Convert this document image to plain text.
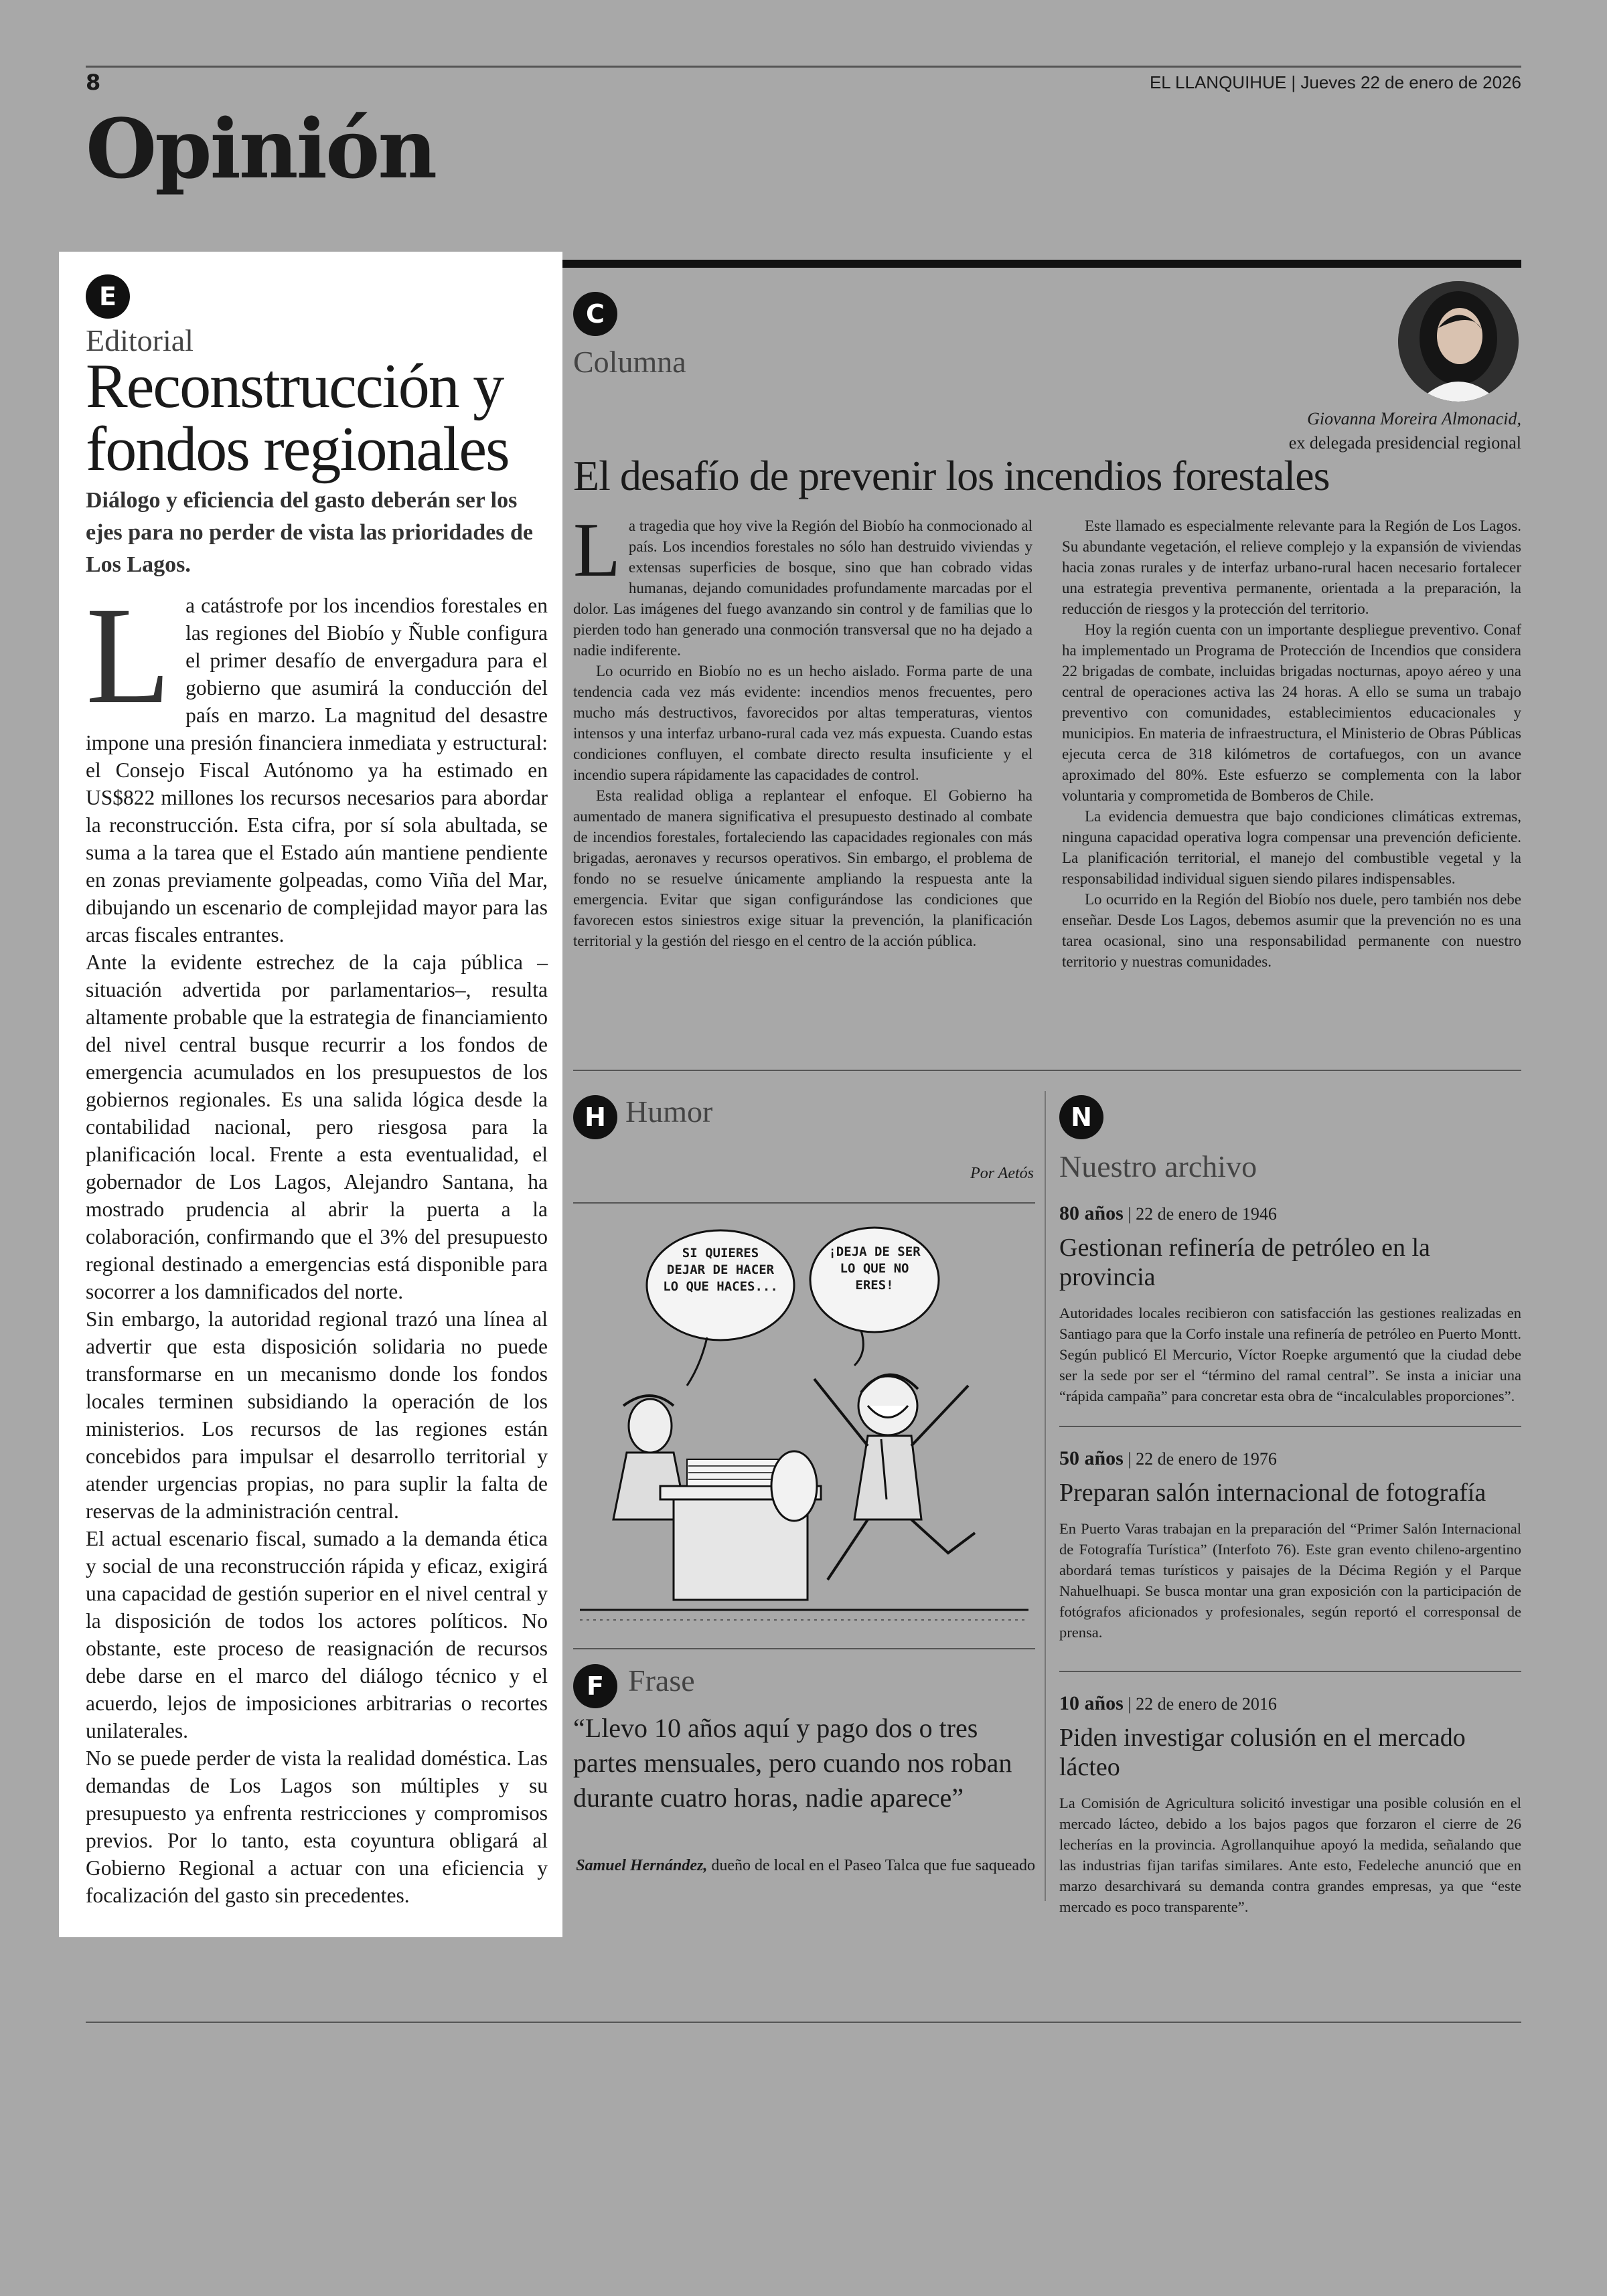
8	EL LLANQUIHUE | Jueves 22 de enero de 2026
Opinión
E
Editorial
Reconstrucción y fondos regionales
Diálogo y eficiencia del gasto deberán ser los ejes para no perder de vista las prioridades de Los Lagos.

La catástrofe por los incendios forestales en las regiones del Biobío y Ñuble configura el primer desafío de envergadura para el gobierno que asumirá la conducción del país en marzo. La magnitud del desastre impone una presión financiera inmediata y estructural: el Consejo Fiscal Autónomo ya ha estimado en US$822 millones los recursos necesarios para abordar la reconstrucción. Esta cifra, por sí sola abultada, se suma a la tarea que el Estado aún mantiene pendiente en zonas previamente golpeadas, como Viña del Mar, dibujando un escenario de complejidad mayor para las arcas fiscales entrantes.

Ante la evidente estrechez de la caja pública –situación advertida por parlamentarios–, resulta altamente probable que la estrategia de financiamiento del nivel central busque recurrir a los fondos de emergencia acumulados en los presupuestos de los gobiernos regionales. Es una salida lógica desde la contabilidad nacional, pero riesgosa para la planificación local. Frente a esta eventualidad, el gobernador de Los Lagos, Alejandro Santana, ha mostrado prudencia al abrir la puerta a la colaboración, confirmando que el 3% del presupuesto regional destinado a emergencias está disponible para socorrer a los damnificados del norte.

Sin embargo, la autoridad regional trazó una línea al advertir que esta disposición solidaria no puede transformarse en un mecanismo donde los fondos locales terminen subsidiando la operación de los ministerios. Los recursos de las regiones están concebidos para impulsar el desarrollo territorial y atender urgencias propias, no para suplir la falta de reservas de la administración central.

El actual escenario fiscal, sumado a la demanda ética y social de una reconstrucción rápida y eficaz, exigirá una capacidad de gestión superior en el nivel central y la disposición de todos los actores políticos. No obstante, este proceso de reasignación de recursos debe darse en el marco del diálogo técnico y el acuerdo, lejos de imposiciones arbitrarias o recortes unilaterales.

No se puede perder de vista la realidad doméstica. Las demandas de Los Lagos son múltiples y su presupuesto ya enfrenta restricciones y compromisos previos. Por lo tanto, esta coyuntura obligará al Gobierno Regional a actuar con una eficiencia y focalización del gasto sin precedentes.

C
Columna
Giovanna Moreira Almonacid,
ex delegada presidencial regional
El desafío de prevenir los incendios forestales

La tragedia que hoy vive la Región del Biobío ha conmocionado al país. Los incendios forestales no sólo han destruido viviendas y extensas superficies de bosque, sino que han cobrado vidas humanas, dejando comunidades profundamente marcadas por el dolor. Las imágenes del fuego avanzando sin control y de familias que lo pierden todo han generado una conmoción transversal que no ha dejado a nadie indiferente.

Lo ocurrido en Biobío no es un hecho aislado. Forma parte de una tendencia cada vez más evidente: incendios menos frecuentes, pero mucho más destructivos, favorecidos por altas temperaturas, vientos intensos y una interfaz urbano-rural cada vez más expuesta. Cuando estas condiciones confluyen, el combate directo resulta insuficiente y el incendio supera rápidamente las capacidades de control.

Esta realidad obliga a replantear el enfoque. El Gobierno ha aumentado de manera significativa el presupuesto destinado al combate de incendios forestales, fortaleciendo las capacidades regionales con más brigadas, aeronaves y recursos operativos. Sin embargo, el problema de fondo no se resuelve únicamente ampliando la respuesta ante la emergencia. Evitar que sigan configurándose las condiciones que favorecen estos siniestros exige situar la prevención, la planificación territorial y la gestión del riesgo en el centro de la acción pública.

Este llamado es especialmente relevante para la Región de Los Lagos. Su abundante vegetación, el relieve complejo y la expansión de viviendas hacia zonas rurales y de interfaz urbano-rural hacen necesario fortalecer una estrategia preventiva permanente, orientada a la preparación, la reducción de riesgos y la protección del territorio.

Hoy la región cuenta con un importante despliegue preventivo. Conaf ha implementado un Programa de Protección de Incendios que considera 22 brigadas de combate, incluidas brigadas nocturnas, apoyo aéreo y una central de operaciones activa las 24 horas. A ello se suma un trabajo preventivo con comunidades, establecimientos educacionales y municipios. En materia de infraestructura, el Ministerio de Obras Públicas ejecuta cerca de 318 kilómetros de cortafuegos, con un avance aproximado del 80%. Este esfuerzo se complementa con la labor voluntaria y comprometida de Bomberos de Chile.

La evidencia demuestra que bajo condiciones climáticas extremas, ninguna capacidad operativa logra compensar una prevención deficiente. La planificación territorial, el manejo del combustible vegetal y la responsabilidad individual siguen siendo pilares indispensables.

Lo ocurrido en la Región del Biobío nos duele, pero también nos debe enseñar. Desde Los Lagos, debemos asumir que la prevención no es una tarea ocasional, sino una responsabilidad permanente con nuestro territorio y nuestras comunidades.

H Humor
Por Aetós
SI QUIERES DEJAR DE HACER LO QUE HACES...
¡DEJA DE SER LO QUE NO ERES!
F Frase
“Llevo 10 años aquí y pago dos o tres partes mensuales, pero cuando nos roban durante cuatro horas, nadie aparece”
Samuel Hernández, dueño de local en el Paseo Talca que fue saqueado
N
Nuestro archivo
80 años | 22 de enero de 1946
Gestionan refinería de petróleo en la provincia
Autoridades locales recibieron con satisfacción las gestiones realizadas en Santiago para que la Corfo instale una refinería de petróleo en Puerto Montt. Según publicó El Mercurio, Víctor Roepke argumentó que la ciudad debe ser la sede por ser el “término del ramal central”. Se insta a iniciar una “rápida campaña” para concretar esta obra de “incalculables proporciones”.
50 años | 22 de enero de 1976
Preparan salón internacional de fotografía
En Puerto Varas trabajan en la preparación del “Primer Salón Internacional de Fotografía Turística” (Interfoto 76). Este gran evento chileno-argentino abordará temas turísticos y paisajes de la Décima Región y el Parque Nahuelhuapi. Se busca montar una gran exposición con la participación de fotógrafos aficionados y profesionales, según reportó el corresponsal de prensa.
10 años | 22 de enero de 2016
Piden investigar colusión en el mercado lácteo
La Comisión de Agricultura solicitó investigar una posible colusión en el mercado lácteo, debido a los bajos pagos que forzaron el cierre de 26 lecherías en la provincia. Agrollanquihue apoyó la medida, señalando que las industrias fijan tarifas similares. Ante esto, Fedeleche anunció que en marzo desarchivará su demanda contra grandes empresas, ya que “este mercado es poco transparente”.
